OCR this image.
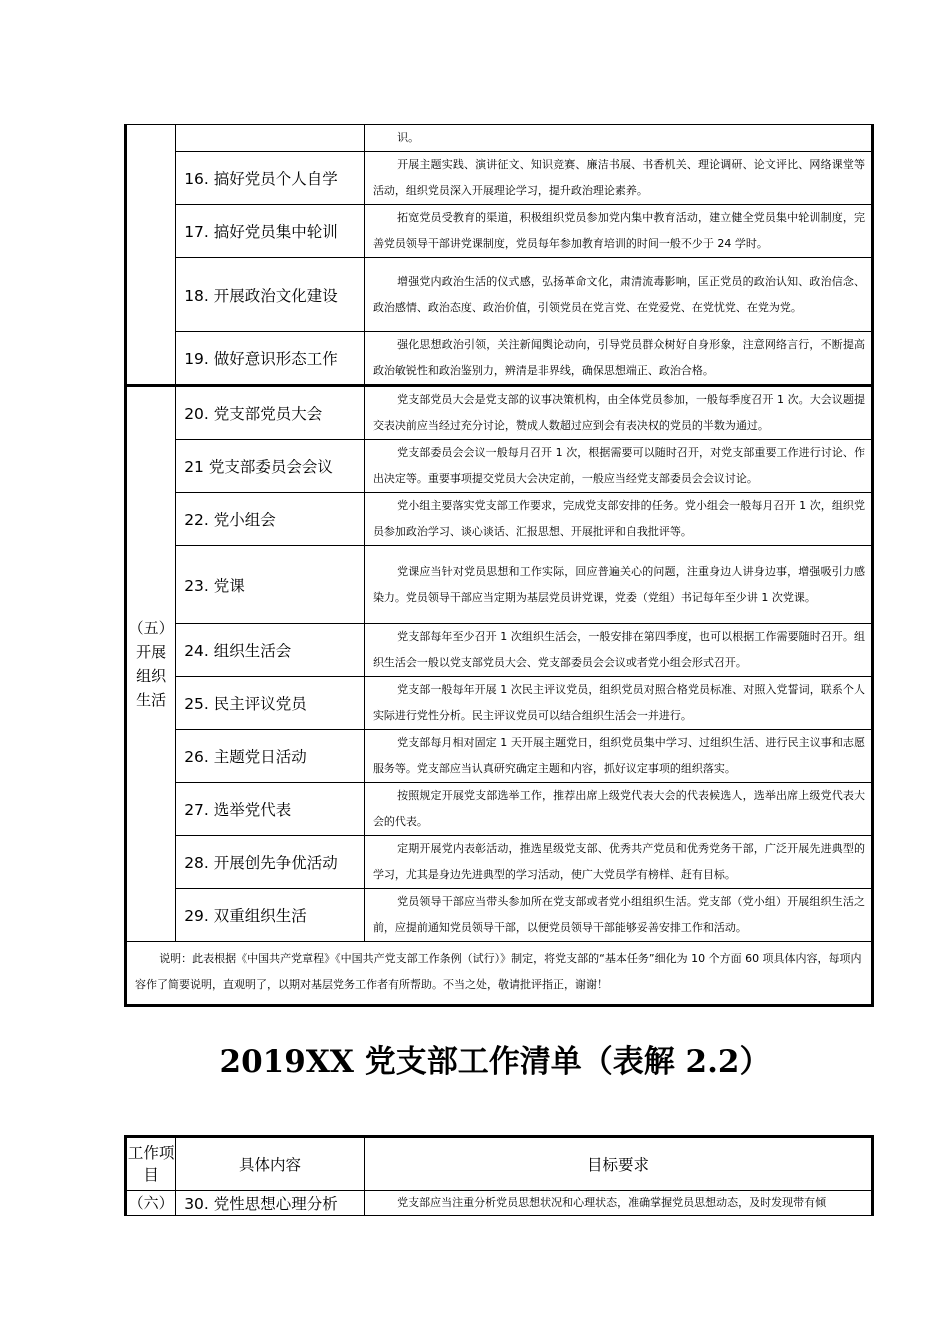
		识。
	16. 搞好党员个人自学	开展主题实践、演讲征文、知识竞赛、廉洁书展、书香机关、理论调研、论文评比、网络课堂等活动，组织党员深入开展理论学习，提升政治理论素养。
	17. 搞好党员集中轮训	拓宽党员受教育的渠道，积极组织党员参加党内集中教育活动，建立健全党员集中轮训制度，完善党员领导干部讲党课制度，党员每年参加教育培训的时间一般不少于 24 学时。
	18. 开展政治文化建设	增强党内政治生活的仪式感，弘扬革命文化，肃清流毒影响，匡正党员的政治认知、政治信念、政治感情、政治态度、政治价值，引领党员在党言党、在党爱党、在党忧党、在党为党。
	19. 做好意识形态工作	强化思想政治引领，关注新闻舆论动向，引导党员群众树好自身形象，注意网络言行，不断提高政治敏锐性和政治鉴别力，辨清是非界线，确保思想端正、政治合格。

（五）
开展
组织
生活	20. 党支部党员大会	党支部党员大会是党支部的议事决策机构，由全体党员参加，一般每季度召开 1 次。大会议题提交表决前应当经过充分讨论，赞成人数超过应到会有表决权的党员的半数为通过。
	21 党支部委员会会议	党支部委员会会议一般每月召开 1 次，根据需要可以随时召开，对党支部重要工作进行讨论、作出决定等。重要事项提交党员大会决定前，一般应当经党支部委员会会议讨论。
	22. 党小组会	党小组主要落实党支部工作要求，完成党支部安排的任务。党小组会一般每月召开 1 次，组织党员参加政治学习、谈心谈话、汇报思想、开展批评和自我批评等。
	23. 党课	党课应当针对党员思想和工作实际，回应普遍关心的问题，注重身边人讲身边事，增强吸引力感染力。党员领导干部应当定期为基层党员讲党课，党委（党组）书记每年至少讲 1 次党课。
	24. 组织生活会	党支部每年至少召开 1 次组织生活会，一般安排在第四季度，也可以根据工作需要随时召开。组织生活会一般以党支部党员大会、党支部委员会会议或者党小组会形式召开。
	25. 民主评议党员	党支部一般每年开展 1 次民主评议党员，组织党员对照合格党员标准、对照入党誓词，联系个人实际进行党性分析。民主评议党员可以结合组织生活会一并进行。
	26. 主题党日活动	党支部每月相对固定 1 天开展主题党日，组织党员集中学习、过组织生活、进行民主议事和志愿服务等。党支部应当认真研究确定主题和内容，抓好议定事项的组织落实。
	27. 选举党代表	按照规定开展党支部选举工作，推荐出席上级党代表大会的代表候选人，选举出席上级党代表大会的代表。
	28. 开展创先争优活动	定期开展党内表彰活动，推选星级党支部、优秀共产党员和优秀党务干部，广泛开展先进典型的学习，尤其是身边先进典型的学习活动，使广大党员学有榜样、赶有目标。
	29. 双重组织生活	党员领导干部应当带头参加所在党支部或者党小组组织生活。党支部（党小组）开展组织生活之前，应提前通知党员领导干部，以便党员领导干部能够妥善安排工作和活动。
说明：此表根据《中国共产党章程》《中国共产党支部工作条例（试行）》制定，将党支部的“基本任务”细化为 10 个方面 60 项具体内容，每项内容作了简要说明，直观明了，以期对基层党务工作者有所帮助。不当之处，敬请批评指正，谢谢！		
2019XX 党支部工作清单（表解 2.2）
工作项目	具体内容	目标要求
（六）	30. 党性思想心理分析	党支部应当注重分析党员思想状况和心理状态，准确掌握党员思想动态，及时发现带有倾
